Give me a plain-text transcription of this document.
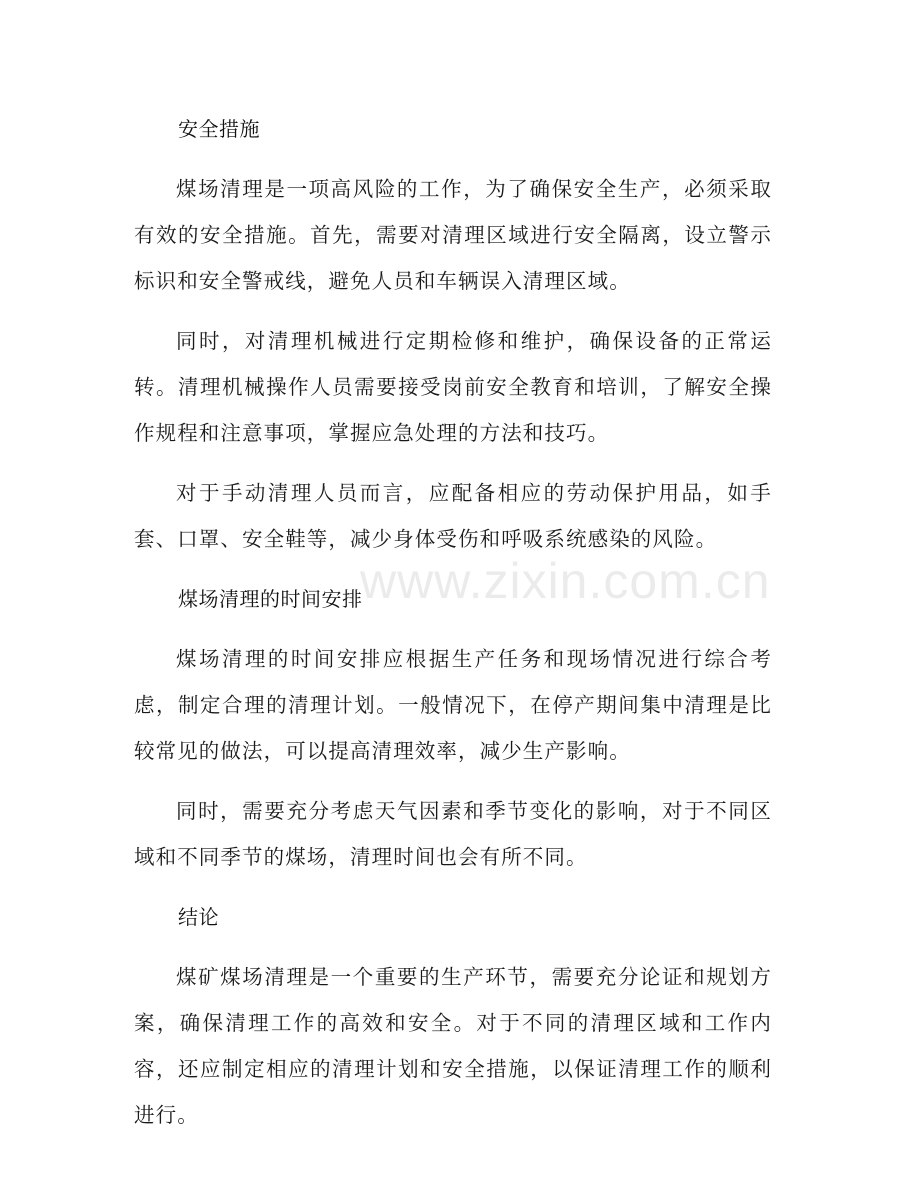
安全措施

煤场清理是一项高风险的工作，为了确保安全生产，必须采取有效的安全措施。首先，需要对清理区域进行安全隔离，设立警示标识和安全警戒线，避免人员和车辆误入清理区域。

同时，对清理机械进行定期检修和维护，确保设备的正常运转。清理机械操作人员需要接受岗前安全教育和培训，了解安全操作规程和注意事项，掌握应急处理的方法和技巧。

对于手动清理人员而言，应配备相应的劳动保护用品，如手套、口罩、安全鞋等，减少身体受伤和呼吸系统感染的风险。

煤场清理的时间安排

煤场清理的时间安排应根据生产任务和现场情况进行综合考虑，制定合理的清理计划。一般情况下，在停产期间集中清理是比较常见的做法，可以提高清理效率，减少生产影响。

同时，需要充分考虑天气因素和季节变化的影响，对于不同区域和不同季节的煤场，清理时间也会有所不同。

结论

煤矿煤场清理是一个重要的生产环节，需要充分论证和规划方案，确保清理工作的高效和安全。对于不同的清理区域和工作内容，还应制定相应的清理计划和安全措施，以保证清理工作的顺利进行。

www.zixin.com.cn
